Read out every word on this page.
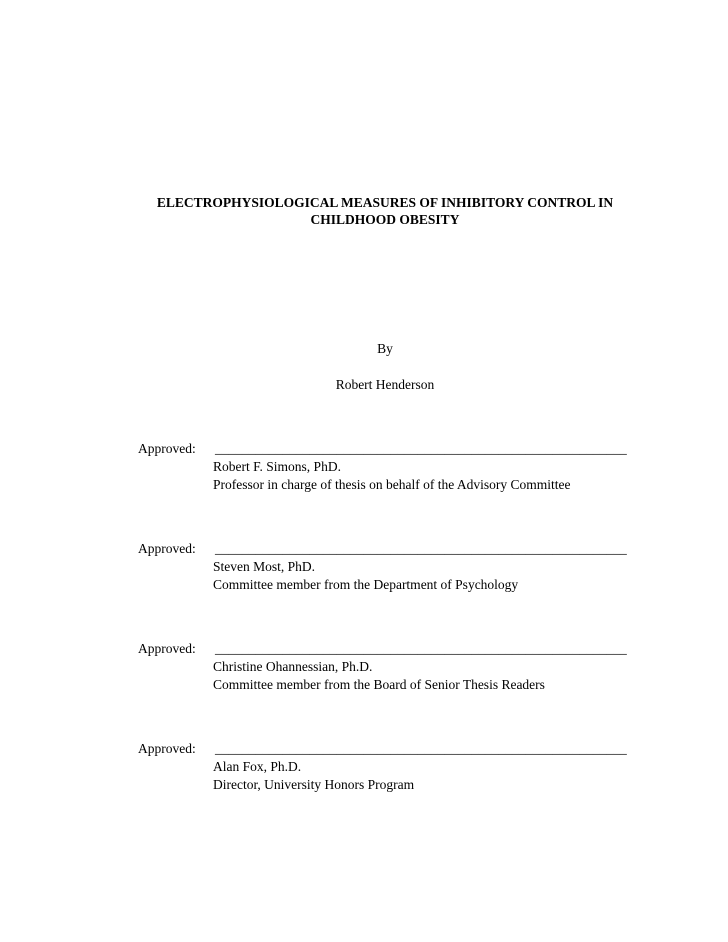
ELECTROPHYSIOLOGICAL MEASURES OF INHIBITORY CONTROL IN
CHILDHOOD OBESITY
By
Robert Henderson
Approved: _____________________________________________________________
Robert F. Simons, PhD.
Professor in charge of thesis on behalf of the Advisory Committee
Approved: _____________________________________________________________
Steven Most, PhD.
Committee member from the Department of Psychology
Approved: _____________________________________________________________
Christine Ohannessian, Ph.D.
Committee member from the Board of Senior Thesis Readers
Approved: _____________________________________________________________
Alan Fox, Ph.D.
Director, University Honors Program
